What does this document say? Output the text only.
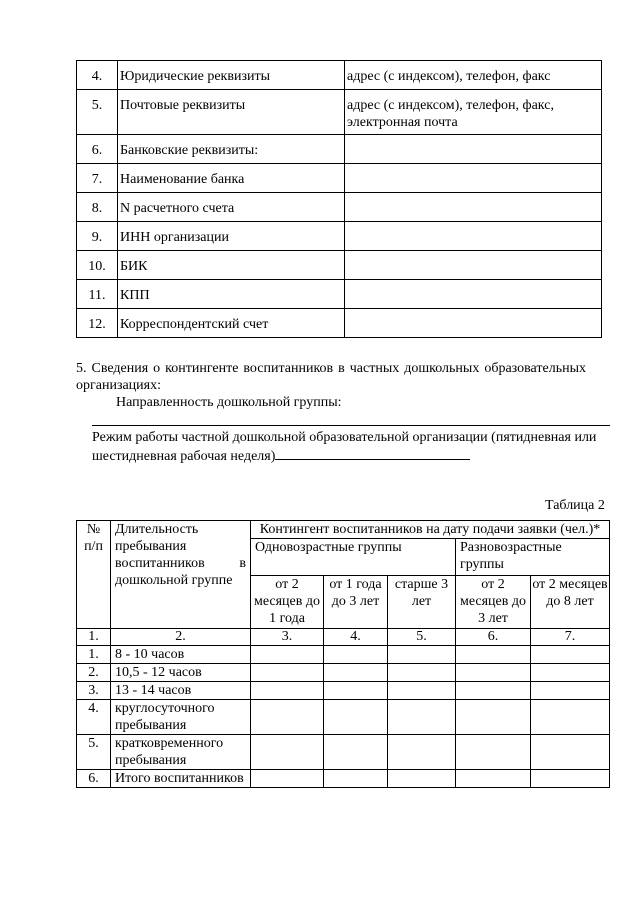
4.	Юридические реквизиты	адрес (с индексом), телефон, факс

5.	Почтовые реквизиты	адрес (с индексом), телефон, факс, электронная почта

6.	Банковские реквизиты:	

7.	Наименование банка	

8.	N расчетного счета	

9.	ИНН организации	

10.	БИК	

11.	КПП	

12.	Корреспондентский счет	

5. Сведения о контингенте воспитанников в частных дошкольных образовательных организациях:
Направленность дошкольной группы:
Режим работы частной дошкольной образовательной организации (пятидневная или шестидневная рабочая неделя)
Таблица 2
№ п/п	Длительность пребывания воспитанников в дошкольной группе	Контингент воспитанников на дату подачи заявки (чел.)*				
		Одновозрастные группы			Разновозрастные группы	
		от 2 месяцев до 1 года	от 1 года до 3 лет	старше 3 лет	от 2 месяцев до 3 лет	от 2 месяцев до 8 лет
1.	2.	3.	4.	5.	6.	7.
1.	8 - 10 часов					
2.	10,5 - 12 часов					
3.	13 - 14 часов					
4.	круглосуточного пребывания					
5.	кратковременного пребывания					
6.	Итого воспитанников					
